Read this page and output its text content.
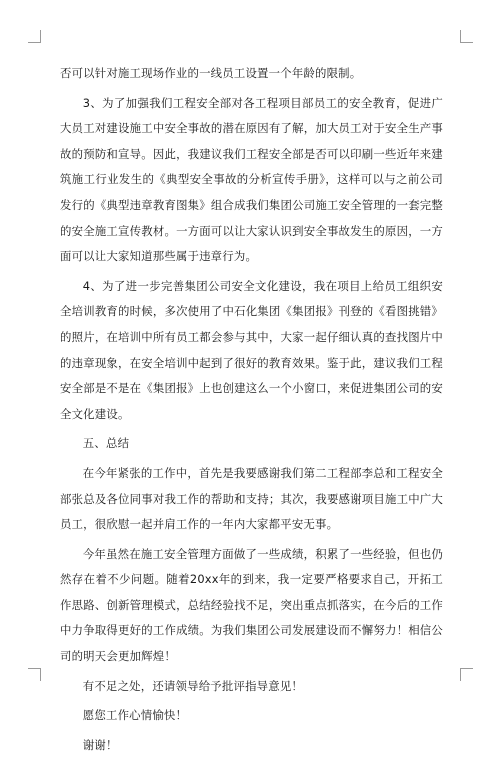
否可以针对施工现场作业的一线员工设置一个年龄的限制。

3、为了加强我们工程安全部对各工程项目部员工的安全教育，促进广大员工对建设施工中安全事故的潜在原因有了解，加大员工对于安全生产事故的预防和宣导。因此，我建议我们工程安全部是否可以印刷一些近年来建筑施工行业发生的《典型安全事故的分析宣传手册》，这样可以与之前公司发行的《典型违章教育图集》组合成我们集团公司施工安全管理的一套完整的安全施工宣传教材。一方面可以让大家认识到安全事故发生的原因，一方面可以让大家知道那些属于违章行为。

4、为了进一步完善集团公司安全文化建设，我在项目上给员工组织安全培训教育的时候，多次使用了中石化集团《集团报》刊登的《看图挑错》的照片，在培训中所有员工都会参与其中，大家一起仔细认真的查找图片中的违章现象，在安全培训中起到了很好的教育效果。鉴于此，建议我们工程安全部是不是在《集团报》上也创建这么一个小窗口，来促进集团公司的安全文化建设。

五、总结

在今年紧张的工作中，首先是我要感谢我们第二工程部李总和工程安全部张总及各位同事对我工作的帮助和支持；其次，我要感谢项目施工中广大员工，很欣慰一起并肩工作的一年内大家都平安无事。

今年虽然在施工安全管理方面做了一些成绩，积累了一些经验，但也仍然存在着不少问题。随着20xx年的到来，我一定要严格要求自己，开拓工作思路、创新管理模式，总结经验找不足，突出重点抓落实，在今后的工作中力争取得更好的工作成绩。为我们集团公司发展建设而不懈努力！相信公司的明天会更加辉煌！

有不足之处，还请领导给予批评指导意见！

愿您工作心情愉快！

谢谢！
